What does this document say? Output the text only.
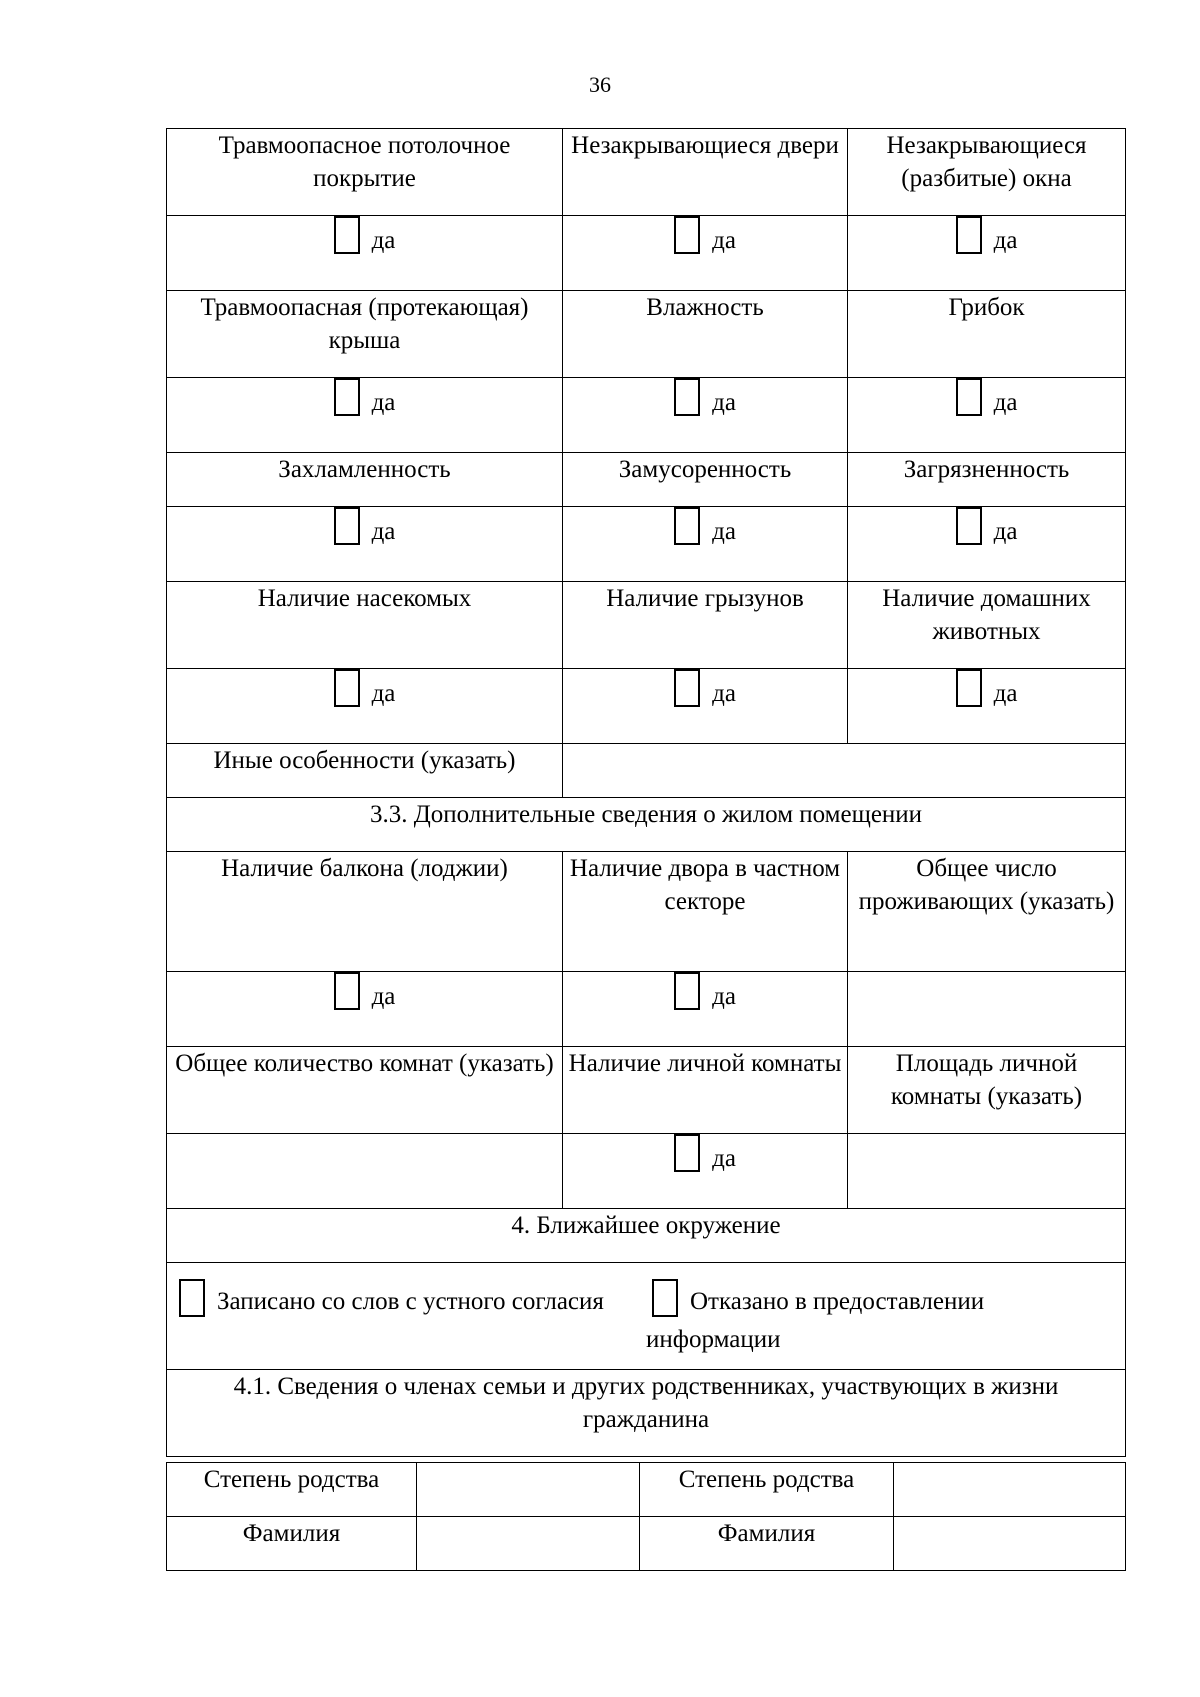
36
Травмоопасное потолочное покрытие	Незакрывающиеся двери	Незакрывающиеся (разбитые) окна
да	да	да
Травмоопасная (протекающая) крыша	Влажность	Грибок
да	да	да
Захламленность	Замусоренность	Загрязненность
да	да	да
Наличие насекомых	Наличие грызунов	Наличие домашних животных
да	да	да
Иные особенности (указать)		
3.3. Дополнительные сведения о жилом помещении		
Наличие балкона (лоджии)	Наличие двора в частном секторе	Общее число проживающих (указать)
да	да	
Общее количество комнат (указать)	Наличие личной комнаты	Площадь личной комнаты (указать)
	да	
4. Ближайшее окружение		

Записано со слов с устного согласия Отказано в предоставлении информации		

4.1. Сведения о членах семьи и других родственниках, участвующих в жизни гражданина		
Степень родства		Степень родства	
Фамилия		Фамилия	
